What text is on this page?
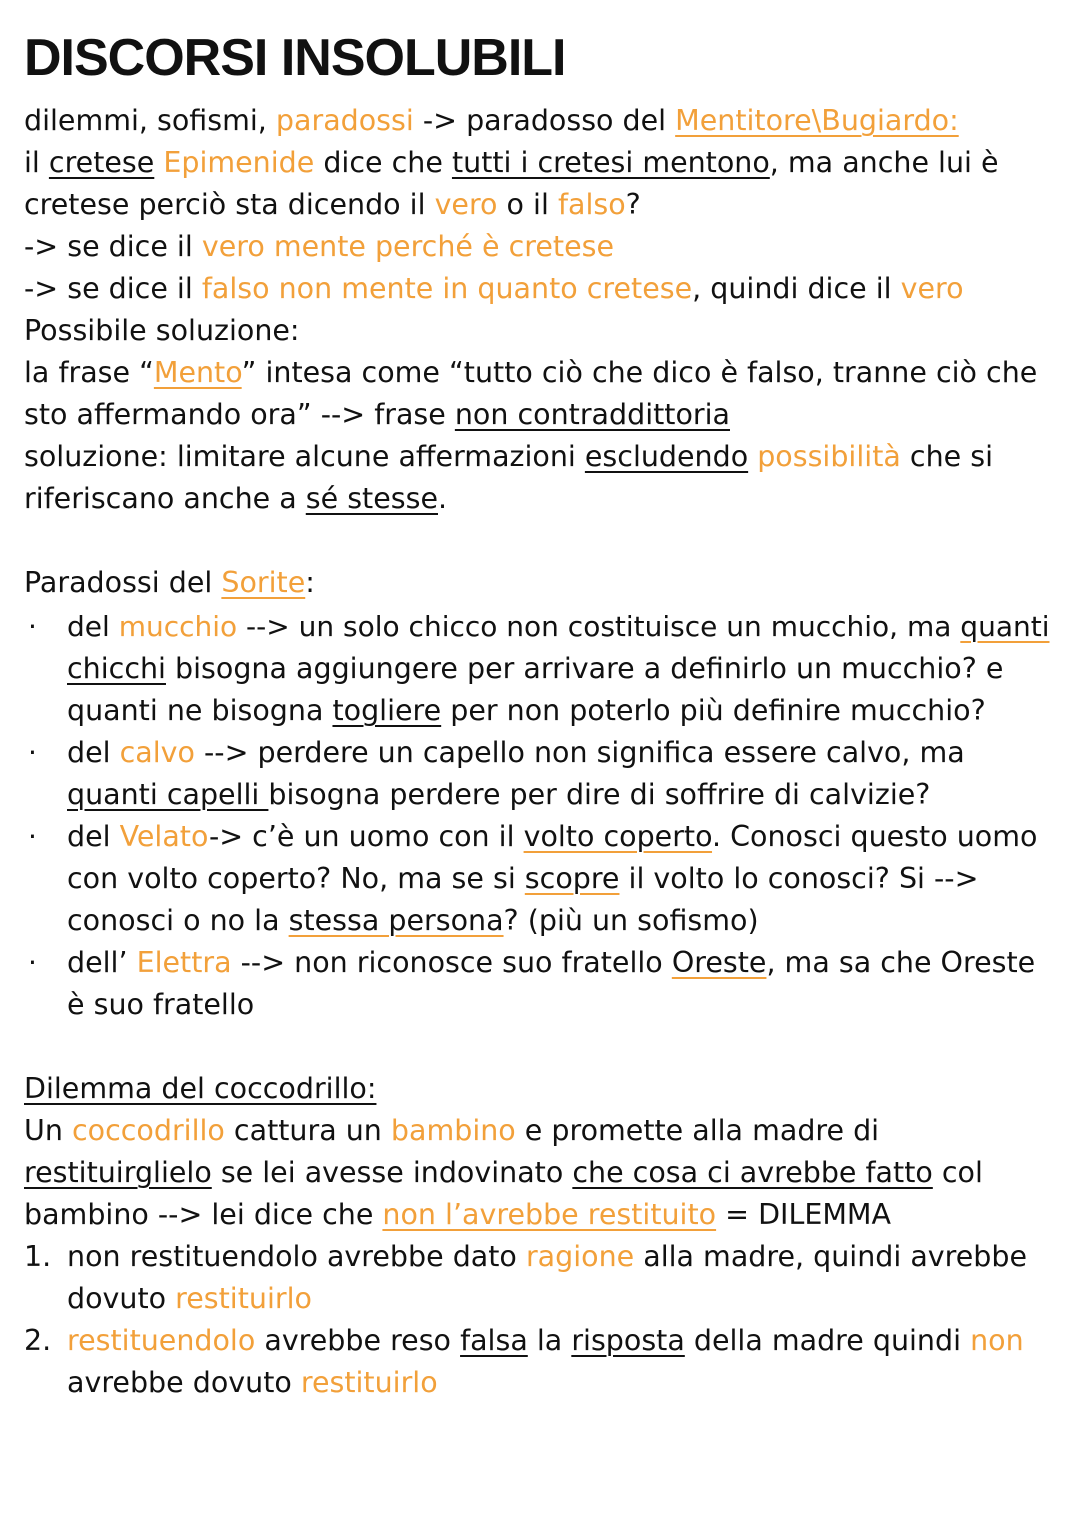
DISCORSI INSOLUBILI
dilemmi, sofismi, paradossi -> paradosso del Mentitore\Bugiardo:
il cretese Epimenide dice che tutti i cretesi mentono, ma anche lui è
cretese perciò sta dicendo il vero o il falso?
-> se dice il vero mente perché è cretese
-> se dice il falso non mente in quanto cretese, quindi dice il vero
Possibile soluzione:
la frase “Mento” intesa come “tutto ciò che dico è falso, tranne ciò che
sto affermando ora” --> frase non contraddittoria
soluzione: limitare alcune affermazioni escludendo possibilità che si
riferiscano anche a sé stesse.
Paradossi del Sorite:
· del mucchio --> un solo chicco non costituisce un mucchio, ma quanti
chicchi bisogna aggiungere per arrivare a definirlo un mucchio? e
quanti ne bisogna togliere per non poterlo più definire mucchio?
· del calvo --> perdere un capello non significa essere calvo, ma
quanti capelli bisogna perdere per dire di soffrire di calvizie?
· del Velato-> c’è un uomo con il volto coperto. Conosci questo uomo
con volto coperto? No, ma se si scopre il volto lo conosci? Si -->
conosci o no la stessa persona? (più un sofismo)
· dell’ Elettra --> non riconosce suo fratello Oreste, ma sa che Oreste
è suo fratello
Dilemma del coccodrillo:
Un coccodrillo cattura un bambino e promette alla madre di
restituirglielo se lei avesse indovinato che cosa ci avrebbe fatto col
bambino --> lei dice che non l’avrebbe restituito = DILEMMA
1. non restituendolo avrebbe dato ragione alla madre, quindi avrebbe
dovuto restituirlo
2. restituendolo avrebbe reso falsa la risposta della madre quindi non
avrebbe dovuto restituirlo
